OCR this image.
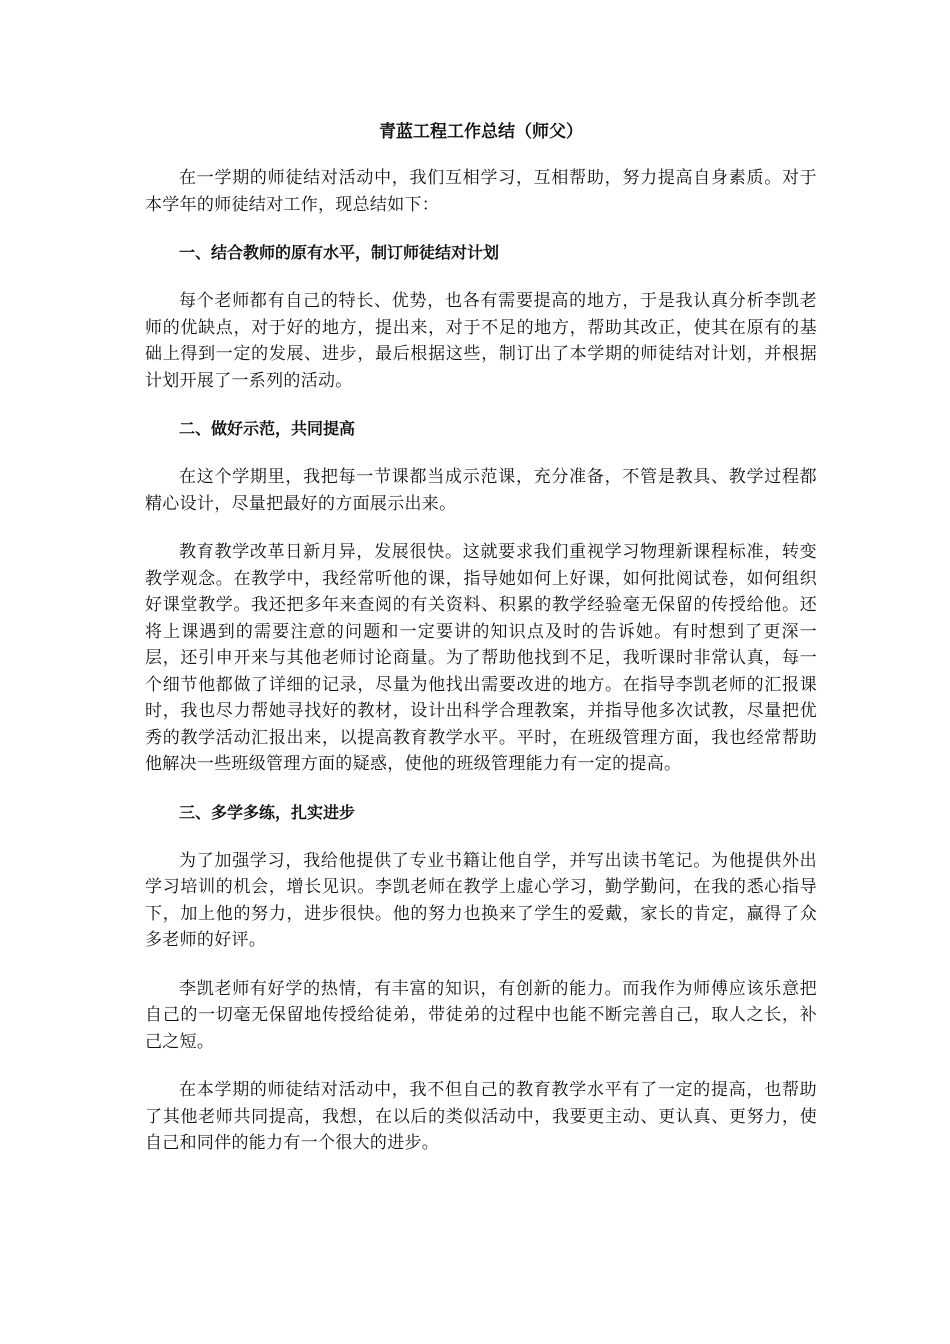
青蓝工程工作总结（师父）

在一学期的师徒结对活动中，我们互相学习，互相帮助，努力提高自身素质。对于本学年的师徒结对工作，现总结如下：

一、结合教师的原有水平，制订师徒结对计划

每个老师都有自己的特长、优势，也各有需要提高的地方，于是我认真分析李凯老师的优缺点，对于好的地方，提出来，对于不足的地方，帮助其改正，使其在原有的基础上得到一定的发展、进步，最后根据这些，制订出了本学期的师徒结对计划，并根据计划开展了一系列的活动。

二、做好示范，共同提高

在这个学期里，我把每一节课都当成示范课，充分准备，不管是教具、教学过程都精心设计，尽量把最好的方面展示出来。

教育教学改革日新月异，发展很快。这就要求我们重视学习物理新课程标准，转变教学观念。在教学中，我经常听他的课，指导她如何上好课，如何批阅试卷，如何组织好课堂教学。我还把多年来查阅的有关资料、积累的教学经验毫无保留的传授给他。还将上课遇到的需要注意的问题和一定要讲的知识点及时的告诉她。有时想到了更深一层，还引申开来与其他老师讨论商量。为了帮助他找到不足，我听课时非常认真，每一个细节他都做了详细的记录，尽量为他找出需要改进的地方。在指导李凯老师的汇报课时，我也尽力帮她寻找好的教材，设计出科学合理教案，并指导他多次试教，尽量把优秀的教学活动汇报出来，以提高教育教学水平。平时，在班级管理方面，我也经常帮助他解决一些班级管理方面的疑惑，使他的班级管理能力有一定的提高。

三、多学多练，扎实进步

为了加强学习，我给他提供了专业书籍让他自学，并写出读书笔记。为他提供外出学习培训的机会，增长见识。李凯老师在教学上虚心学习，勤学勤问，在我的悉心指导下，加上他的努力，进步很快。他的努力也换来了学生的爱戴，家长的肯定，赢得了众多老师的好评。

李凯老师有好学的热情，有丰富的知识，有创新的能力。而我作为师傅应该乐意把自己的一切毫无保留地传授给徒弟，带徒弟的过程中也能不断完善自己，取人之长，补己之短。

在本学期的师徒结对活动中，我不但自己的教育教学水平有了一定的提高，也帮助了其他老师共同提高，我想，在以后的类似活动中，我要更主动、更认真、更努力，使自己和同伴的能力有一个很大的进步。
